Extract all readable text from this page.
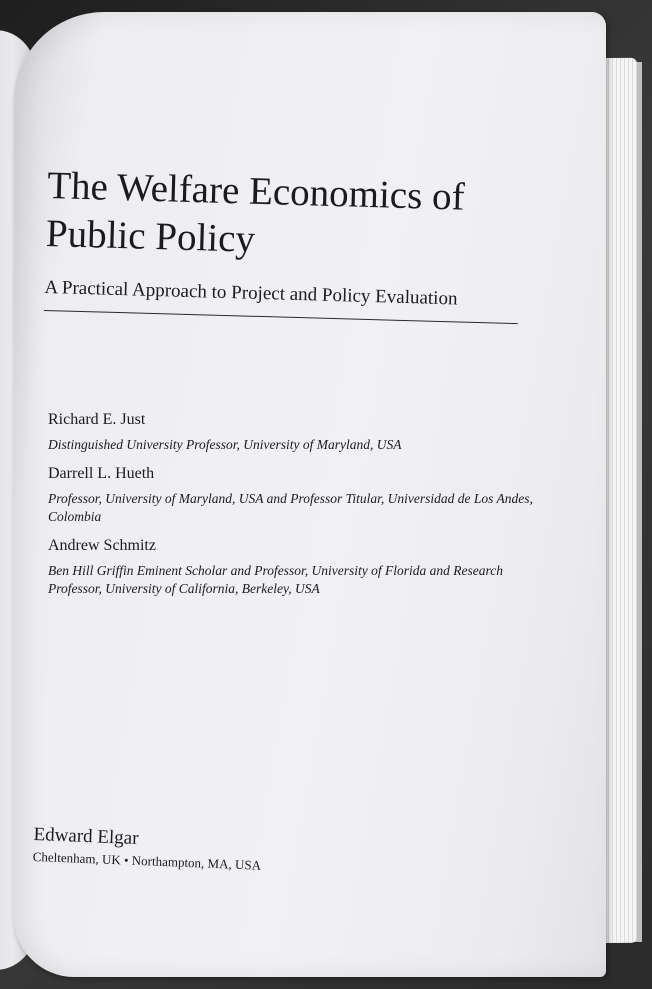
The Welfare Economics of Public Policy

A Practical Approach to Project and Policy Evaluation

Richard E. Just

Distinguished University Professor, University of Maryland, USA

Darrell L. Hueth

Professor, University of Maryland, USA and Professor Titular, Universidad de Los Andes, Colombia

Andrew Schmitz

Ben Hill Griffin Eminent Scholar and Professor, University of Florida and Research Professor, University of California, Berkeley, USA

Edward Elgar

Cheltenham, UK • Northampton, MA, USA
